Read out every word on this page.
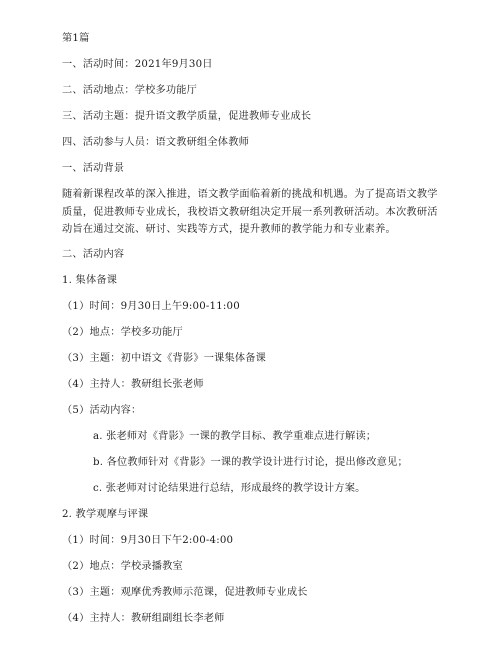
第1篇
一、活动时间：2021年9月30日
二、活动地点：学校多功能厅
三、活动主题：提升语文教学质量，促进教师专业成长
四、活动参与人员：语文教研组全体教师
一、活动背景
随着新课程改革的深入推进，语文教学面临着新的挑战和机遇。为了提高语文教学
质量，促进教师专业成长，我校语文教研组决定开展一系列教研活动。本次教研活
动旨在通过交流、研讨、实践等方式，提升教师的教学能力和专业素养。
二、活动内容
1. 集体备课
（1）时间：9月30日上午9:00-11:00
（2）地点：学校多功能厅
（3）主题：初中语文《背影》一课集体备课
（4）主持人：教研组长张老师
（5）活动内容：
a. 张老师对《背影》一课的教学目标、教学重难点进行解读；
b. 各位教师针对《背影》一课的教学设计进行讨论，提出修改意见；
c. 张老师对讨论结果进行总结，形成最终的教学设计方案。
2. 教学观摩与评课
（1）时间：9月30日下午2:00-4:00
（2）地点：学校录播教室
（3）主题：观摩优秀教师示范课，促进教师专业成长
（4）主持人：教研组副组长李老师
